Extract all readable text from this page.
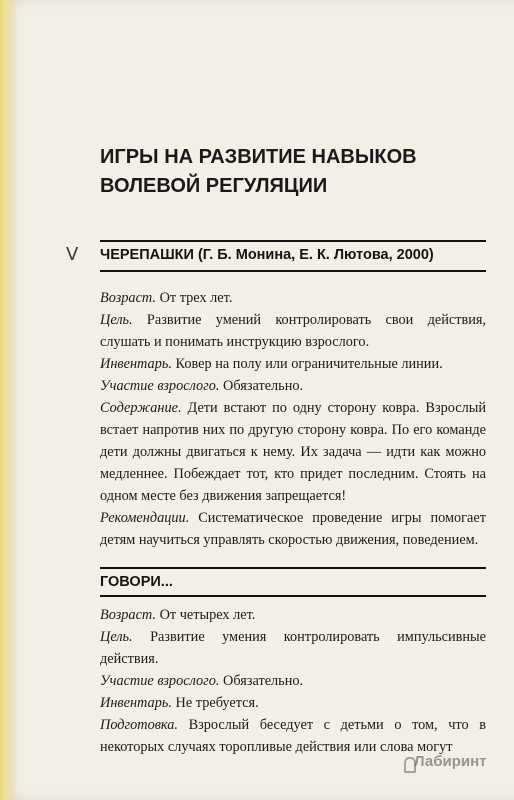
ИГРЫ НА РАЗВИТИЕ НАВЫКОВ ВОЛЕВОЙ РЕГУЛЯЦИИ
V ЧЕРЕПАШКИ (Г. Б. Монина, Е. К. Лютова, 2000)

Возраст. От трех лет.

Цель. Развитие умений контролировать свои действия, слушать и понимать инструкцию взрослого.

Инвентарь. Ковер на полу или ограничительные линии.

Участие взрослого. Обязательно.

Содержание. Дети встают по одну сторону ковра. Взрослый встает напротив них по другую сторону ковра. По его команде дети должны двигаться к нему. Их задача — идти как можно медленнее. Побеждает тот, кто придет последним. Стоять на одном месте без движения запрещается!

Рекомендации. Систематическое проведение игры помогает детям научиться управлять скоростью движения, поведением.

ГОВОРИ...

Возраст. От четырех лет.

Цель. Развитие умения контролировать импульсивные действия.

Участие взрослого. Обязательно.

Инвентарь. Не требуется.

Подготовка. Взрослый беседует с детьми о том, что в некоторых случаях торопливые действия или слова могут

Лабиринт
